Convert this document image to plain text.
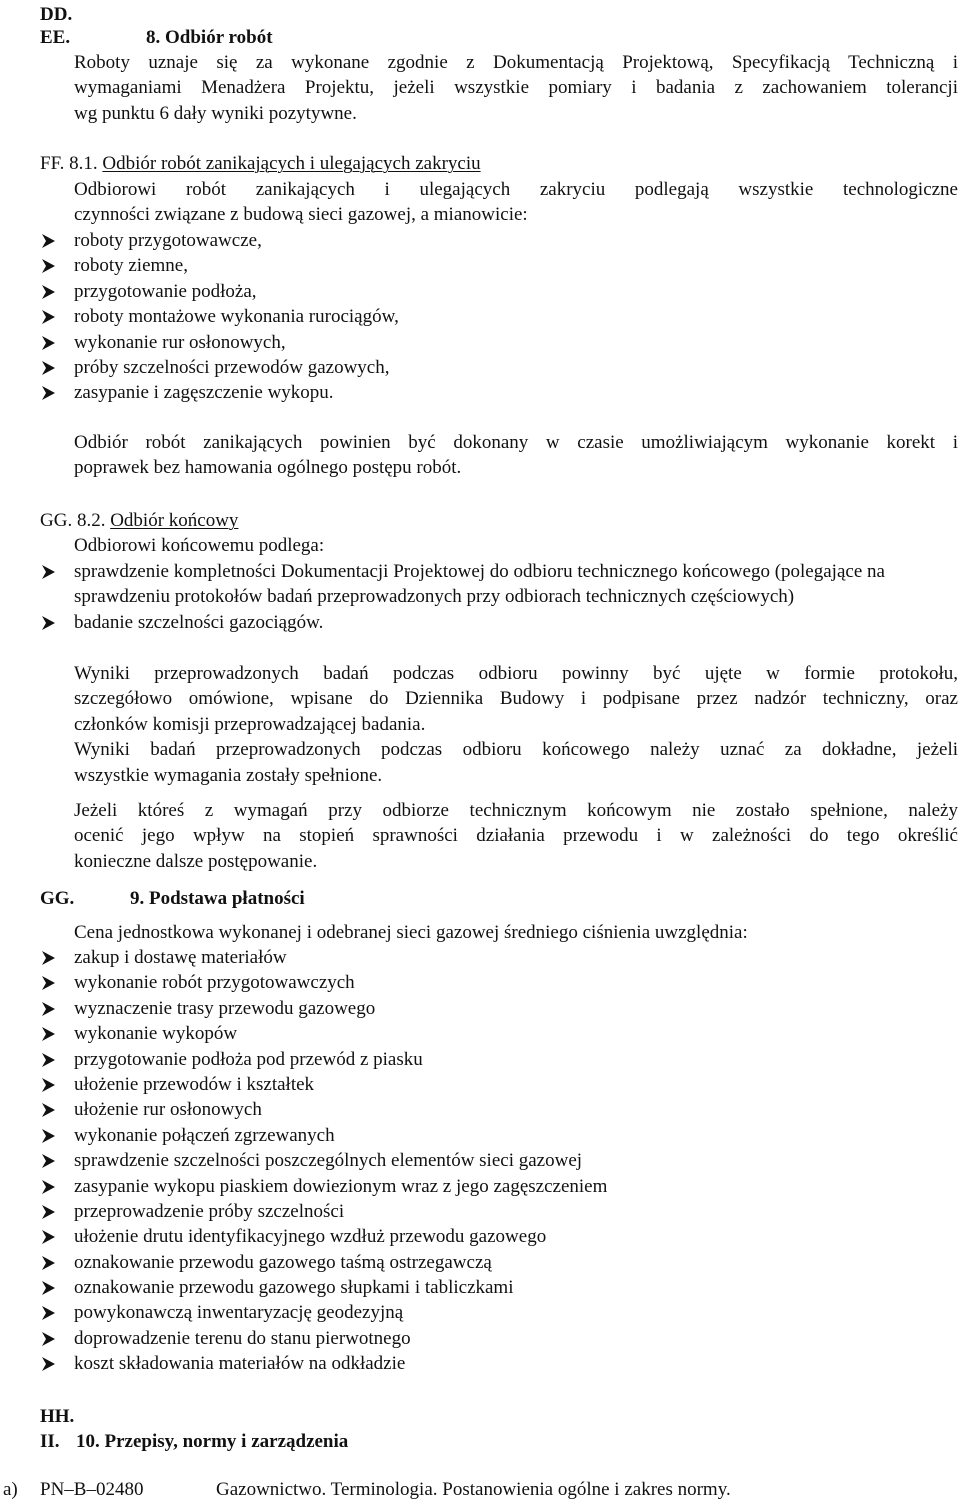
DD.
EE.	8. Odbiór robót
Roboty uznaje się za wykonane zgodnie z Dokumentacją Projektową, Specyfikacją Techniczną i
wymaganiami Menadżera Projektu, jeżeli wszystkie pomiary i badania z zachowaniem tolerancji
wg punktu 6 dały wyniki pozytywne.
FF. 8.1. Odbiór robót zanikających i ulegających zakryciu
Odbiorowi robót zanikających i ulegających zakryciu podlegają wszystkie technologiczne
czynności związane z budową sieci gazowej, a mianowicie:
roboty przygotowawcze,
roboty ziemne,
przygotowanie podłoża,
roboty montażowe wykonania rurociągów,
wykonanie rur osłonowych,
próby szczelności przewodów gazowych,
zasypanie i zagęszczenie wykopu.
Odbiór robót zanikających powinien być dokonany w czasie umożliwiającym wykonanie korekt i
poprawek bez hamowania ogólnego postępu robót.
GG. 8.2. Odbiór końcowy
Odbiorowi końcowemu podlega:
sprawdzenie kompletności Dokumentacji Projektowej do odbioru technicznego końcowego (polegające na sprawdzeniu protokołów badań przeprowadzonych przy odbiorach technicznych częściowych)
badanie szczelności gazociągów.
Wyniki przeprowadzonych badań podczas odbioru powinny być ujęte w formie protokołu,
szczegółowo omówione, wpisane do Dziennika Budowy i podpisane przez nadzór techniczny, oraz
członków komisji przeprowadzającej badania.
Wyniki badań przeprowadzonych podczas odbioru końcowego należy uznać za dokładne, jeżeli
wszystkie wymagania zostały spełnione.
Jeżeli któreś z wymagań przy odbiorze technicznym końcowym nie zostało spełnione, należy
ocenić jego wpływ na stopień sprawności działania przewodu i w zależności do tego określić
konieczne dalsze postępowanie.
GG.	9. Podstawa płatności
Cena jednostkowa wykonanej i odebranej sieci gazowej średniego ciśnienia uwzględnia:
zakup i dostawę materiałów
wykonanie robót przygotowawczych
wyznaczenie trasy przewodu gazowego
wykonanie wykopów
przygotowanie podłoża pod przewód z piasku
ułożenie przewodów i kształtek
ułożenie rur osłonowych
wykonanie połączeń zgrzewanych
sprawdzenie szczelności poszczególnych elementów sieci gazowej
zasypanie wykopu piaskiem dowiezionym wraz z jego zagęszczeniem
przeprowadzenie próby szczelności
ułożenie drutu identyfikacyjnego wzdłuż przewodu gazowego
oznakowanie przewodu gazowego taśmą ostrzegawczą
oznakowanie przewodu gazowego słupkami i tabliczkami
powykonawczą inwentaryzację geodezyjną
doprowadzenie terenu do stanu pierwotnego
koszt składowania materiałów na odkładzie
HH.
II. 10. Przepisy, normy i zarządzenia
a) PN–B–02480	Gazownictwo. Terminologia. Postanowienia ogólne i zakres normy.
